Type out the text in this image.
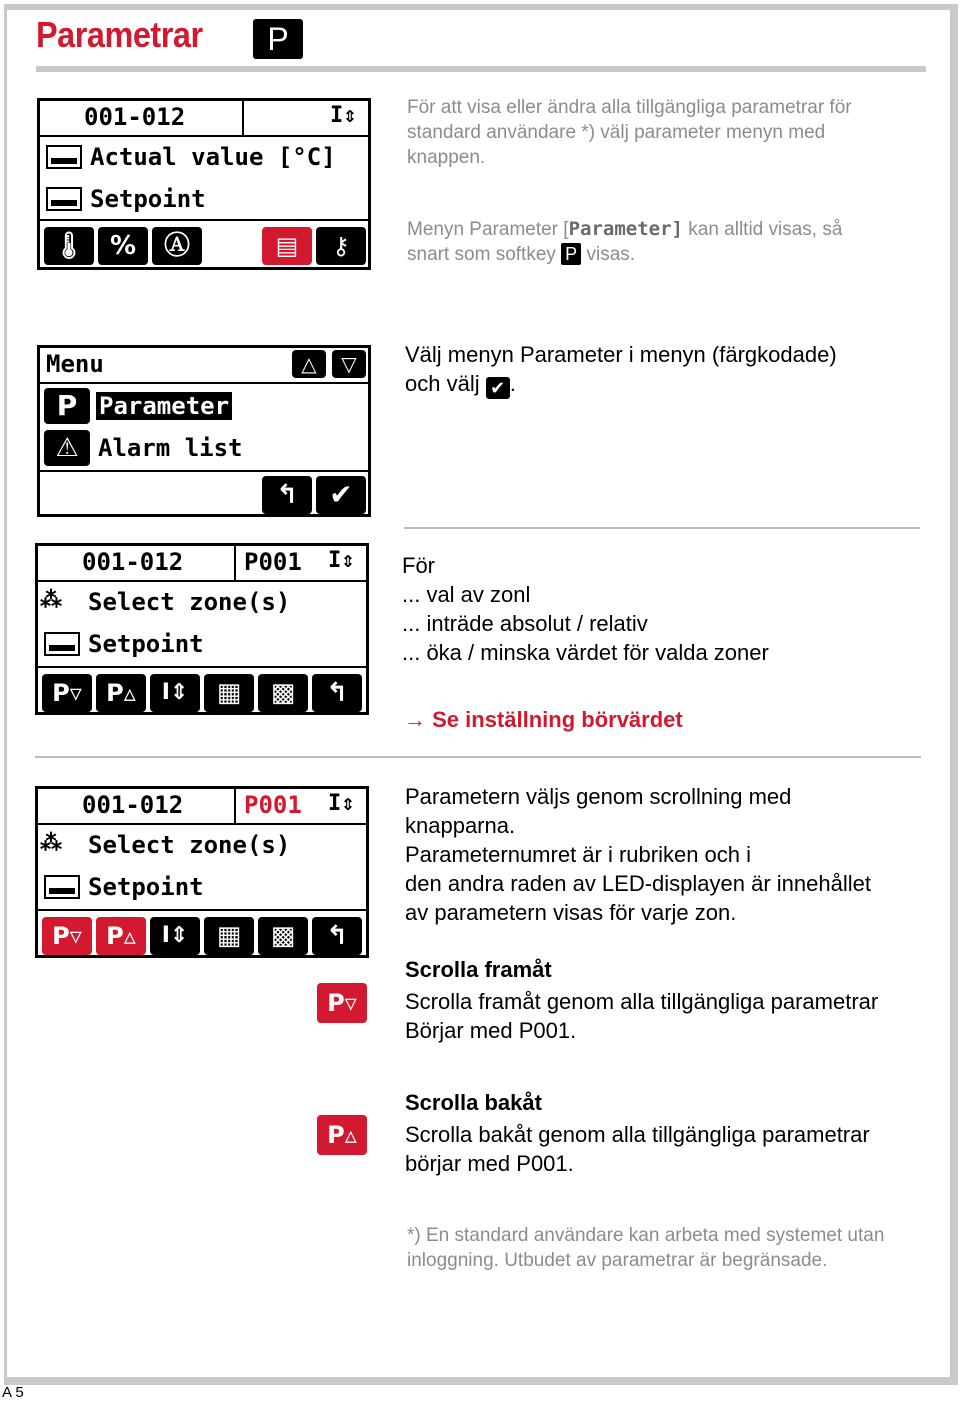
Parametrar	P
001-012	I⇕
Actual value [°C]
Setpoint
🌡 %	Ⓐ	▤	⚷
För att visa eller ändra alla tillgängliga parametrar för standard användare *) välj parameter menyn med knappen.
Menyn Parameter [Parameter] kan alltid visas, så
snart som softkey P visas.
Menu	△	▽
P Parameter
⚠ Alarm list
↰	✔
Välj menyn Parameter i menyn (färgkodade)
och välj ✔ .
001-012	P001 I⇕
⁂ Select zone(s)
Setpoint
P▿	P▵	I⇕	▦	▩	↰
För
... val av zonl
... inträde absolut / relativ
... öka / minska värdet för valda zoner
→ Se inställning börvärdet
001-012	P001 I⇕
⁂ Select zone(s)
Setpoint
P▿	P▵	I⇕	▦	▩	↰
Parametern väljs genom scrollning med
knapparna.
Parameternumret är i rubriken och i
den andra raden av LED-displayen är innehållet
av parametern visas för varje zon.
P▿
Scrolla framåt
Scrolla framåt genom alla tillgängliga parametrar
Börjar med P001.
P▵
Scrolla bakåt
Scrolla bakåt genom alla tillgängliga parametrar
börjar med P001.
*) En standard användare kan arbeta med systemet utan
inloggning. Utbudet av parametrar är begränsade.
A 5
